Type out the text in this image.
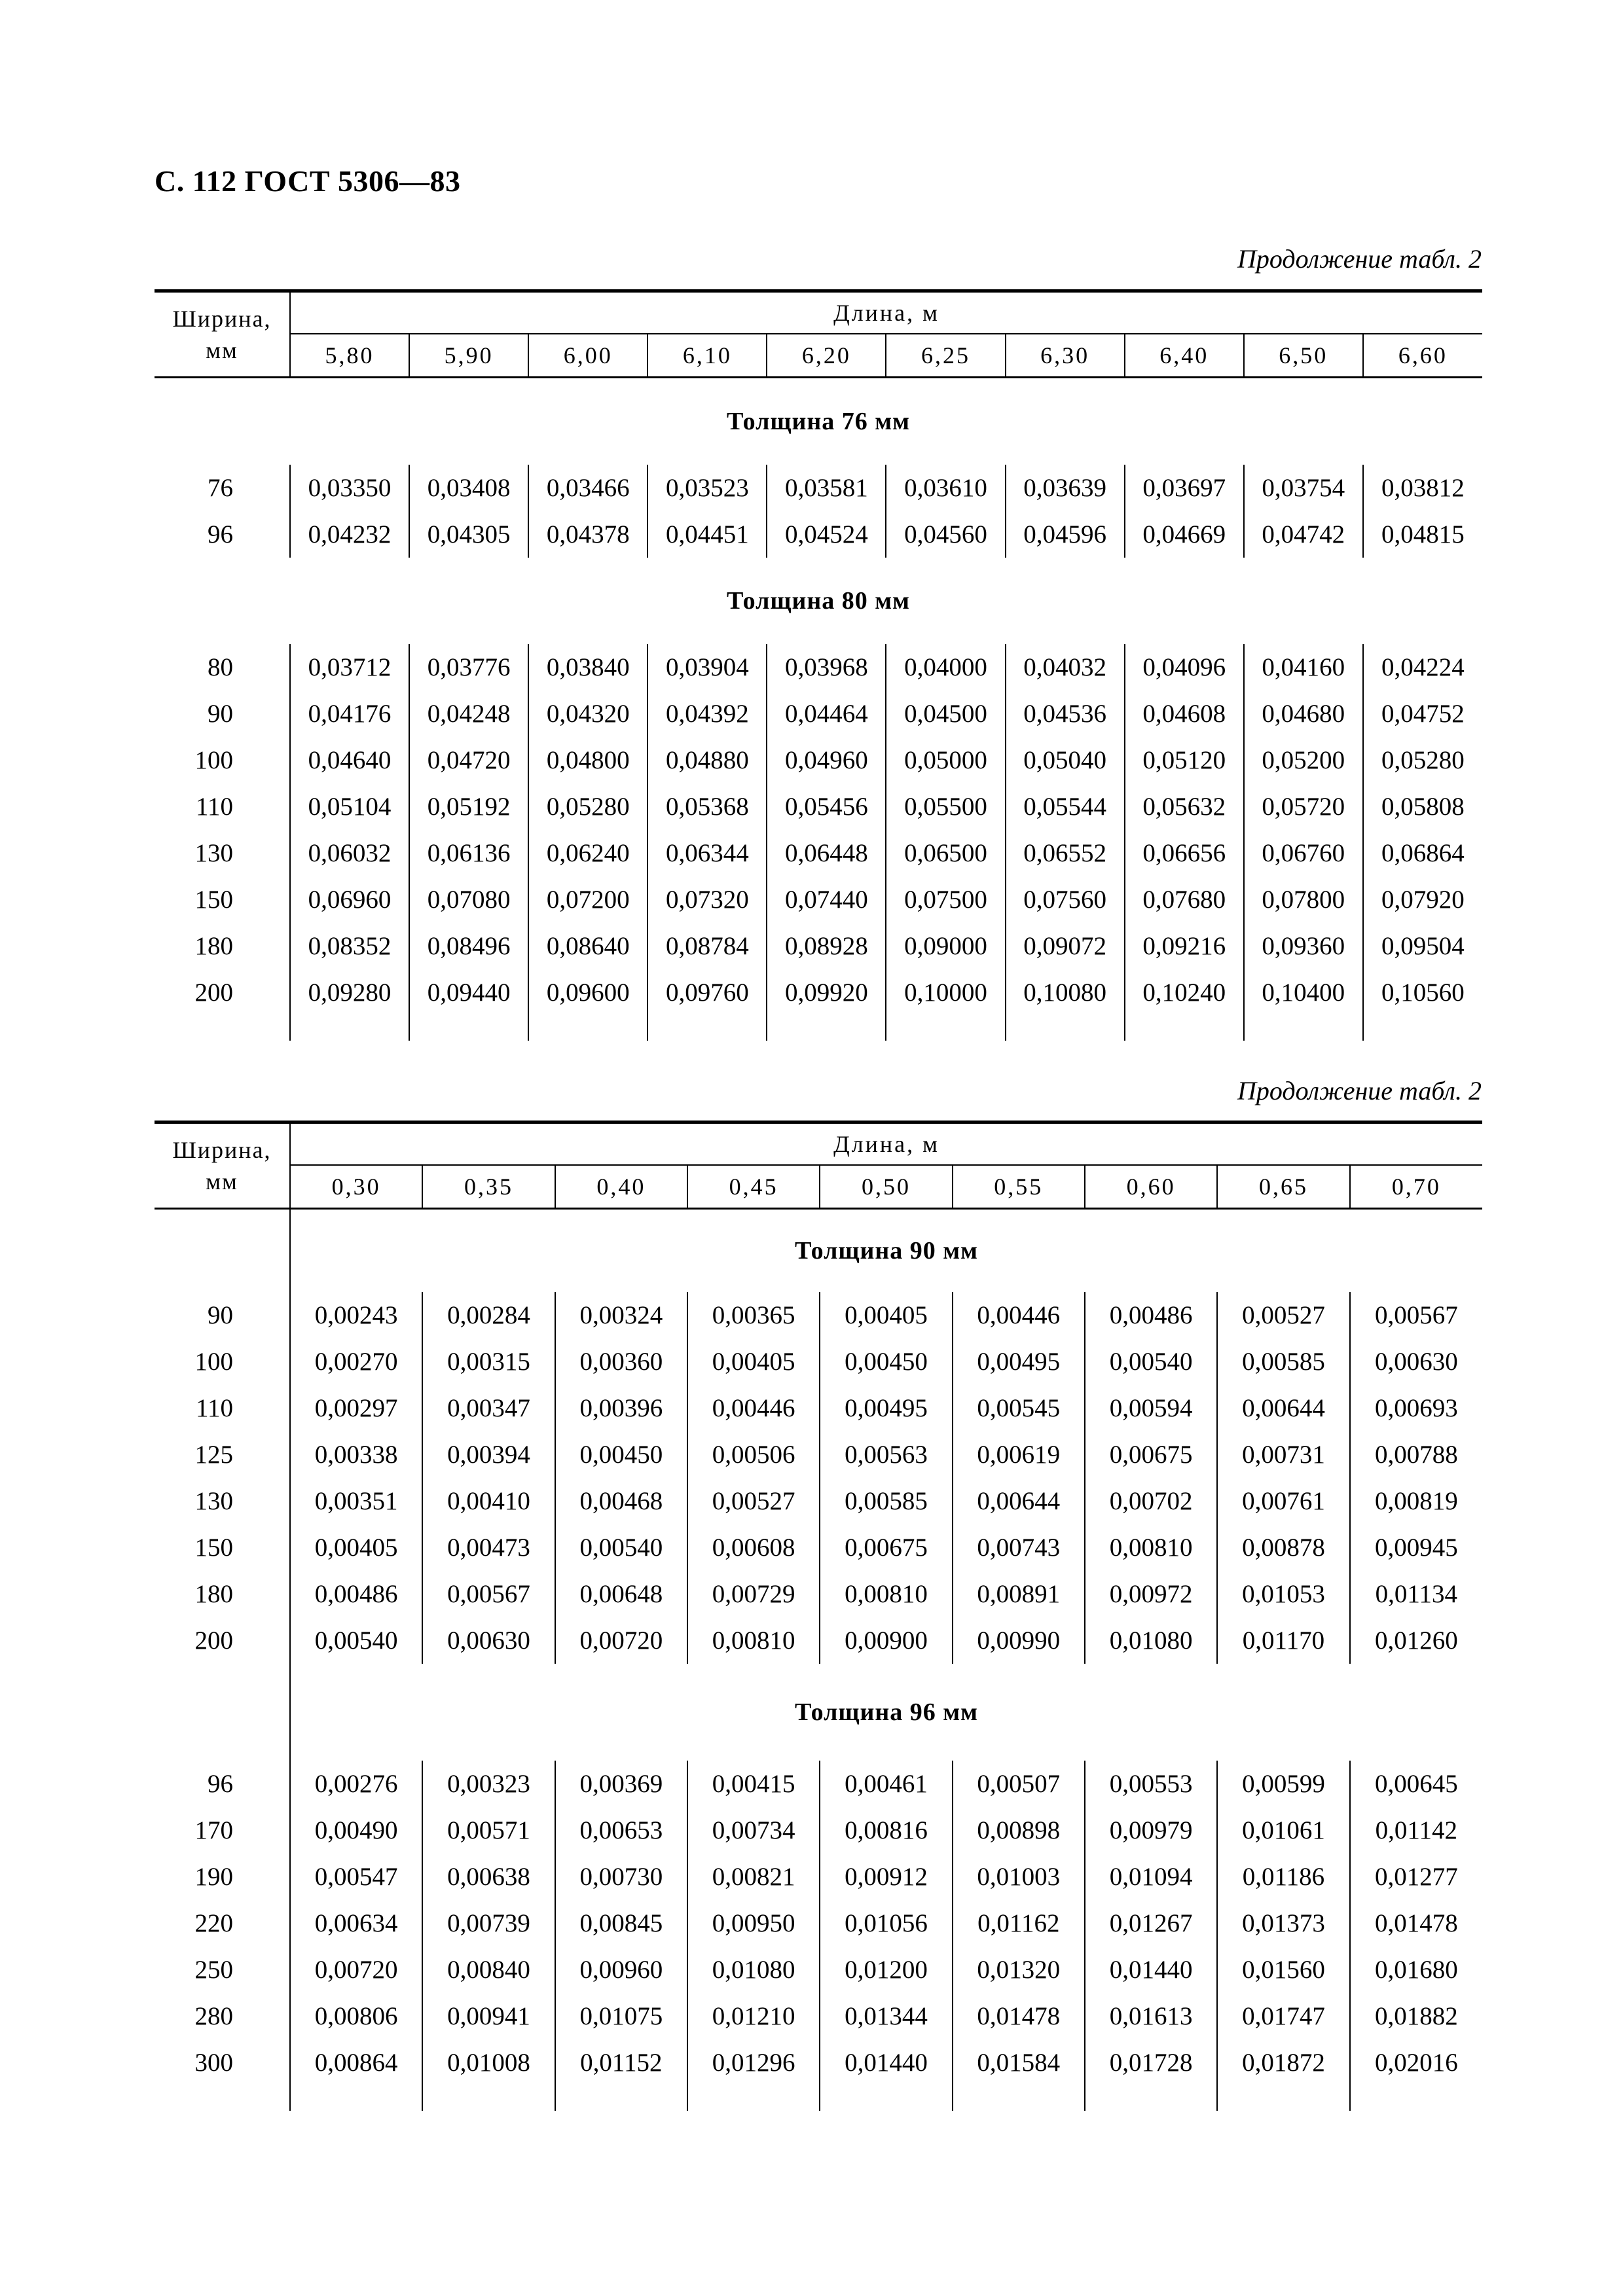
С. 112 ГОСТ 5306—83
Продолжение табл. 2
Ширина, мм	Длина, м									
	5,80	5,90	6,00	6,10	6,20	6,25	6,30	6,40	6,50	6,60
Толщина 76 мм										
76	0,03350	0,03408	0,03466	0,03523	0,03581	0,03610	0,03639	0,03697	0,03754	0,03812
96	0,04232	0,04305	0,04378	0,04451	0,04524	0,04560	0,04596	0,04669	0,04742	0,04815
Толщина 80 мм										
80	0,03712	0,03776	0,03840	0,03904	0,03968	0,04000	0,04032	0,04096	0,04160	0,04224
90	0,04176	0,04248	0,04320	0,04392	0,04464	0,04500	0,04536	0,04608	0,04680	0,04752
100	0,04640	0,04720	0,04800	0,04880	0,04960	0,05000	0,05040	0,05120	0,05200	0,05280
110	0,05104	0,05192	0,05280	0,05368	0,05456	0,05500	0,05544	0,05632	0,05720	0,05808
130	0,06032	0,06136	0,06240	0,06344	0,06448	0,06500	0,06552	0,06656	0,06760	0,06864
150	0,06960	0,07080	0,07200	0,07320	0,07440	0,07500	0,07560	0,07680	0,07800	0,07920
180	0,08352	0,08496	0,08640	0,08784	0,08928	0,09000	0,09072	0,09216	0,09360	0,09504
200	0,09280	0,09440	0,09600	0,09760	0,09920	0,10000	0,10080	0,10240	0,10400	0,10560

Продолжение табл. 2
Ширина, мм	Длина, м								
	0,30	0,35	0,40	0,45	0,50	0,55	0,60	0,65	0,70
	Толщина 90 мм								
90	0,00243	0,00284	0,00324	0,00365	0,00405	0,00446	0,00486	0,00527	0,00567
100	0,00270	0,00315	0,00360	0,00405	0,00450	0,00495	0,00540	0,00585	0,00630
110	0,00297	0,00347	0,00396	0,00446	0,00495	0,00545	0,00594	0,00644	0,00693
125	0,00338	0,00394	0,00450	0,00506	0,00563	0,00619	0,00675	0,00731	0,00788
130	0,00351	0,00410	0,00468	0,00527	0,00585	0,00644	0,00702	0,00761	0,00819
150	0,00405	0,00473	0,00540	0,00608	0,00675	0,00743	0,00810	0,00878	0,00945
180	0,00486	0,00567	0,00648	0,00729	0,00810	0,00891	0,00972	0,01053	0,01134
200	0,00540	0,00630	0,00720	0,00810	0,00900	0,00990	0,01080	0,01170	0,01260
	Толщина 96 мм								
96	0,00276	0,00323	0,00369	0,00415	0,00461	0,00507	0,00553	0,00599	0,00645
170	0,00490	0,00571	0,00653	0,00734	0,00816	0,00898	0,00979	0,01061	0,01142
190	0,00547	0,00638	0,00730	0,00821	0,00912	0,01003	0,01094	0,01186	0,01277
220	0,00634	0,00739	0,00845	0,00950	0,01056	0,01162	0,01267	0,01373	0,01478
250	0,00720	0,00840	0,00960	0,01080	0,01200	0,01320	0,01440	0,01560	0,01680
280	0,00806	0,00941	0,01075	0,01210	0,01344	0,01478	0,01613	0,01747	0,01882
300	0,00864	0,01008	0,01152	0,01296	0,01440	0,01584	0,01728	0,01872	0,02016
